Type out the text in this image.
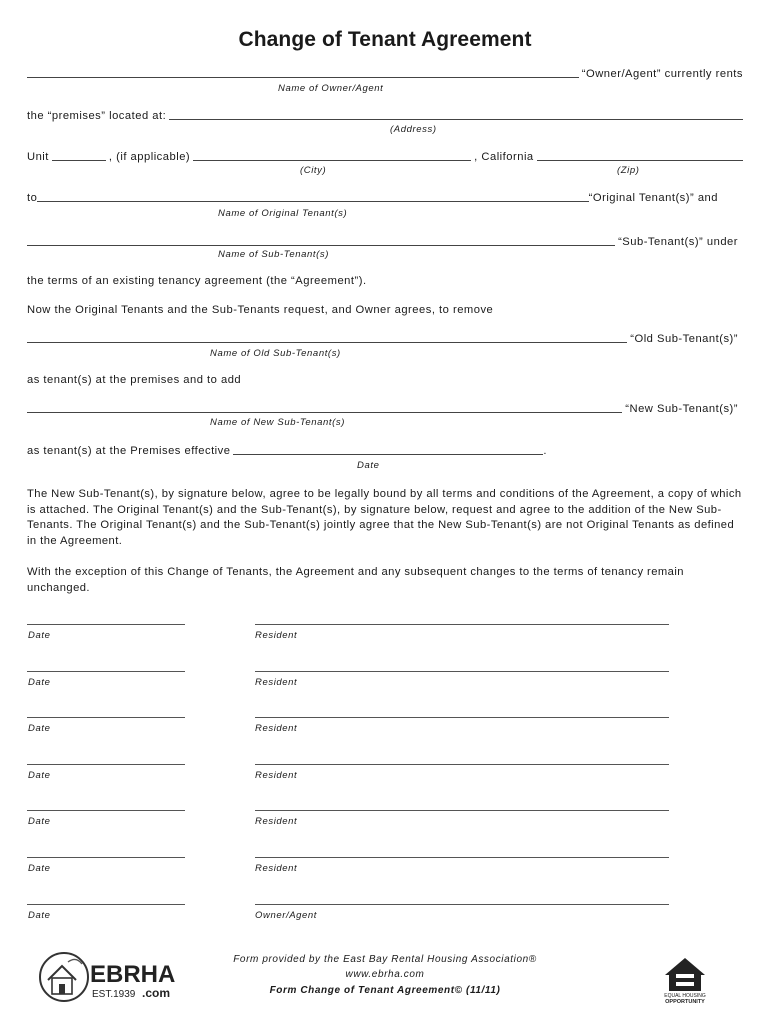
Change of Tenant Agreement
“Owner/Agent” currently rents
Name of Owner/Agent
the “premises” located at:
(Address)
Unit	, (if applicable)	, California
(City)	(Zip)
to	“Original Tenant(s)” and
Name of Original Tenant(s)
“Sub-Tenant(s)” under
Name of Sub-Tenant(s)
the terms of an existing tenancy agreement (the “Agreement”).
Now the Original Tenants and the Sub-Tenants request, and Owner agrees, to remove
“Old Sub-Tenant(s)”
Name of Old Sub-Tenant(s)
as tenant(s) at the premises and to add
“New Sub-Tenant(s)”
Name of New Sub-Tenant(s)
as tenant(s) at the Premises effective	.
Date
The New Sub-Tenant(s), by signature below, agree to be legally bound by all terms and conditions of the Agreement, a copy of which is attached. The Original Tenant(s) and the Sub-Tenant(s), by signature below, request and agree to the addition of the New Sub-Tenants. The Original Tenant(s) and the Sub-Tenant(s) jointly agree that the New Sub-Tenant(s) are not Original Tenants as defined in the Agreement.
With the exception of this Change of Tenants, the Agreement and any subsequent changes to the terms of tenancy remain unchanged.
Date	Resident
Date	Resident
Date	Resident
Date	Resident
Date	Resident
Date	Resident
Date	Owner/Agent
Form provided by the East Bay Rental Housing Association®
www.ebrha.com
Form Change of Tenant Agreement© (11/11)
EBRHA
EST.1939 .com	EQUAL HOUSING
OPPORTUNITY
